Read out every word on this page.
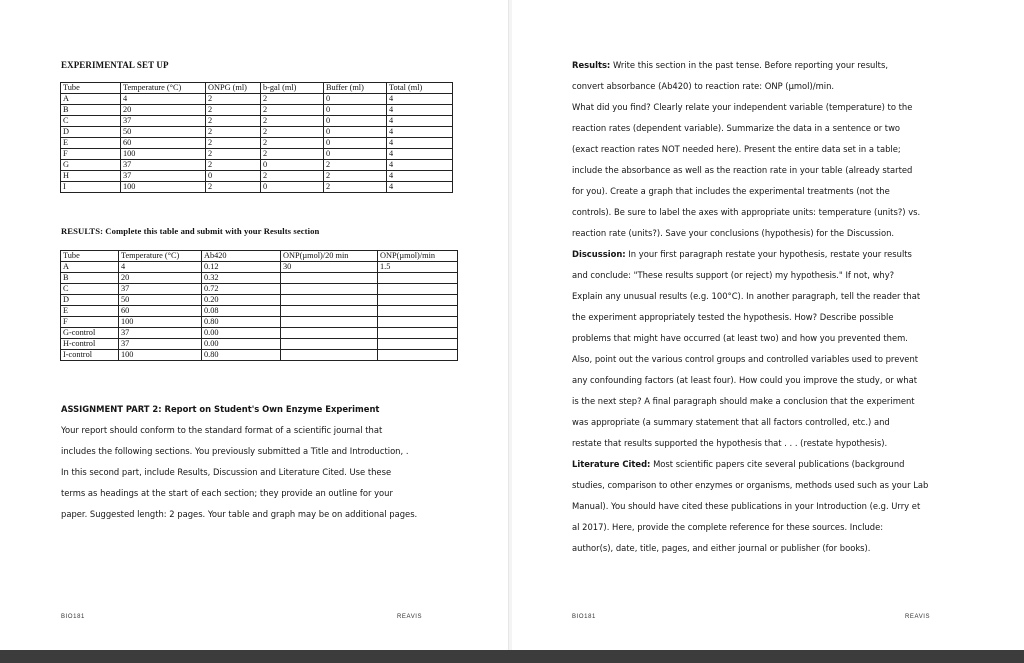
EXPERIMENTAL SET UP
Tube	Temperature (°C)	ONPG (ml)	b-gal (ml)	Buffer (ml)	Total (ml)
A	4	2	2	0	4
B	20	2	2	0	4
C	37	2	2	0	4
D	50	2	2	0	4
E	60	2	2	0	4
F	100	2	2	0	4
G	37	2	0	2	4
H	37	0	2	2	4
I	100	2	0	2	4
RESULTS: Complete this table and submit with your Results section
Tube	Temperature (°C)	Ab420	ONP(µmol)/20 min	ONP(µmol)/min
A	4	0.12	30	1.5
B	20	0.32		
C	37	0.72		
D	50	0.20		
E	60	0.08		
F	100	0.80		
G-control	37	0.00		
H-control	37	0.00		
I-control	100	0.80		
ASSIGNMENT PART 2: Report on Student's Own Enzyme Experiment
Your report should conform to the standard format of a scientific journal that
includes the following sections. You previously submitted a Title and Introduction, .
In this second part, include Results, Discussion and Literature Cited. Use these
terms as headings at the start of each section; they provide an outline for your
paper. Suggested length: 2 pages. Your table and graph may be on additional pages.
BIO181	REAVIS
Results: Write this section in the past tense. Before reporting your results,
convert absorbance (Ab420) to reaction rate: ONP (µmol)/min.
What did you find? Clearly relate your independent variable (temperature) to the
reaction rates (dependent variable). Summarize the data in a sentence or two
(exact reaction rates NOT needed here). Present the entire data set in a table;
include the absorbance as well as the reaction rate in your table (already started
for you). Create a graph that includes the experimental treatments (not the
controls). Be sure to label the axes with appropriate units: temperature (units?) vs.
reaction rate (units?). Save your conclusions (hypothesis) for the Discussion.
Discussion: In your first paragraph restate your hypothesis, restate your results
and conclude: "These results support (or reject) my hypothesis." If not, why?
Explain any unusual results (e.g. 100°C). In another paragraph, tell the reader that
the experiment appropriately tested the hypothesis. How? Describe possible
problems that might have occurred (at least two) and how you prevented them.
Also, point out the various control groups and controlled variables used to prevent
any confounding factors (at least four). How could you improve the study, or what
is the next step? A final paragraph should make a conclusion that the experiment
was appropriate (a summary statement that all factors controlled, etc.) and
restate that results supported the hypothesis that . . . (restate hypothesis).
Literature Cited: Most scientific papers cite several publications (background
studies, comparison to other enzymes or organisms, methods used such as your Lab
Manual). You should have cited these publications in your Introduction (e.g. Urry et
al 2017). Here, provide the complete reference for these sources. Include:
author(s), date, title, pages, and either journal or publisher (for books).
BIO181	REAVIS
